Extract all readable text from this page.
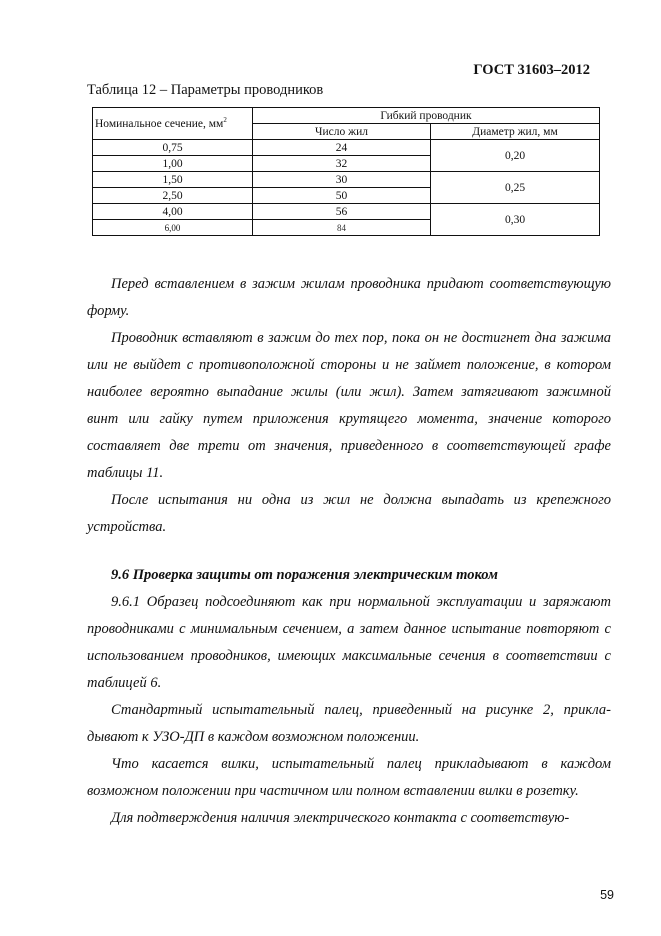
ГОСТ 31603–2012
Таблица 12 – Параметры проводников
Номинальное сечение, $мм^2$	Гибкий проводник	
	Число жил	Диаметр жил, мм
0,75	24	0,20
1,00	32	
1,50	30	0,25
2,50	50	
4,00	56	0,30
6,00	84	

Перед вставлением в зажим жилам проводника придают соответствующую форму.

Проводник вставляют в зажим до тех пор, пока он не достигнет дна зажима или не выйдет с противоположной стороны и не займет положение, в котором наиболее вероятно выпадание жилы (или жил). Затем затягивают зажимной винт или гайку путем приложения крутящего момента, значение которого составляет две трети от значения, приведенного в соответствующей графе таблицы 11.

После испытания ни одна из жил не должна выпадать из крепежного устройства.

9.6 Проверка защиты от поражения электрическим током

9.6.1 Образец подсоединяют как при нормальной эксплуатации и заряжают проводниками с минимальным сечением, а затем данное испытание повторяют с использованием проводников, имеющих максимальные сечения в соответствии с таблицей 6.

Стандартный испытательный палец, приведенный на рисунке 2, прикладывают к УЗО-ДП в каждом возможном положении.

Что касается вилки, испытательный палец прикладывают в каждом возможном положении при частичном или полном вставлении вилки в розетку.

Для подтверждения наличия электрического контакта с соответствую-

59
